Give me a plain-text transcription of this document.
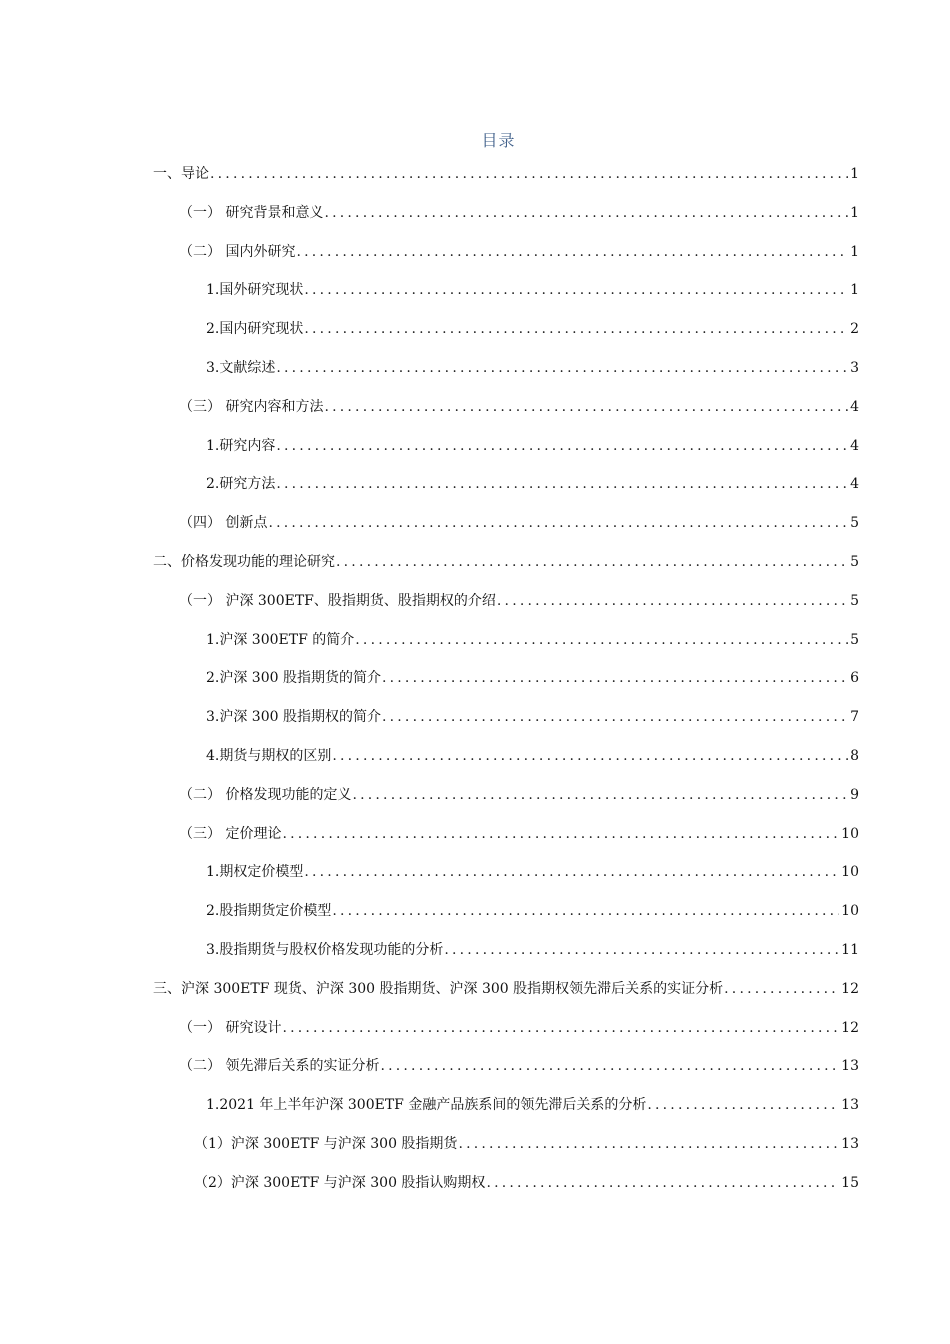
目录
一、导论 .....	1
（一） 研究背景和意义 .....	1
（二） 国内外研究 .....	1
1.国外研究现状 .....	1
2.国内研究现状 .....	2
3.文献综述 .....	3
（三） 研究内容和方法 .....	4
1.研究内容 .....	4
2.研究方法 .....	4
（四） 创新点 .....	5
二、价格发现功能的理论研究 .....	5
（一） 沪深 300ETF、股指期货、股指期权的介绍 .....	5
1.沪深 300ETF 的简介 .....	5
2.沪深 300 股指期货的简介 .....	6
3.沪深 300 股指期权的简介 .....	7
4.期货与期权的区别 .....	8
（二） 价格发现功能的定义 .....	9
（三） 定价理论 .....	10
1.期权定价模型 .....	10
2.股指期货定价模型 .....	10
3.股指期货与股权价格发现功能的分析 .....	11
三、沪深 300ETF 现货、沪深 300 股指期货、沪深 300 股指期权领先滞后关系的实证分析 .....	12
（一） 研究设计 .....	12
（二） 领先滞后关系的实证分析 .....	13
1.2021 年上半年沪深 300ETF 金融产品族系间的领先滞后关系的分析 .....	13
（1）沪深 300ETF 与沪深 300 股指期货 .....	13
（2）沪深 300ETF 与沪深 300 股指认购期权 .....	15
